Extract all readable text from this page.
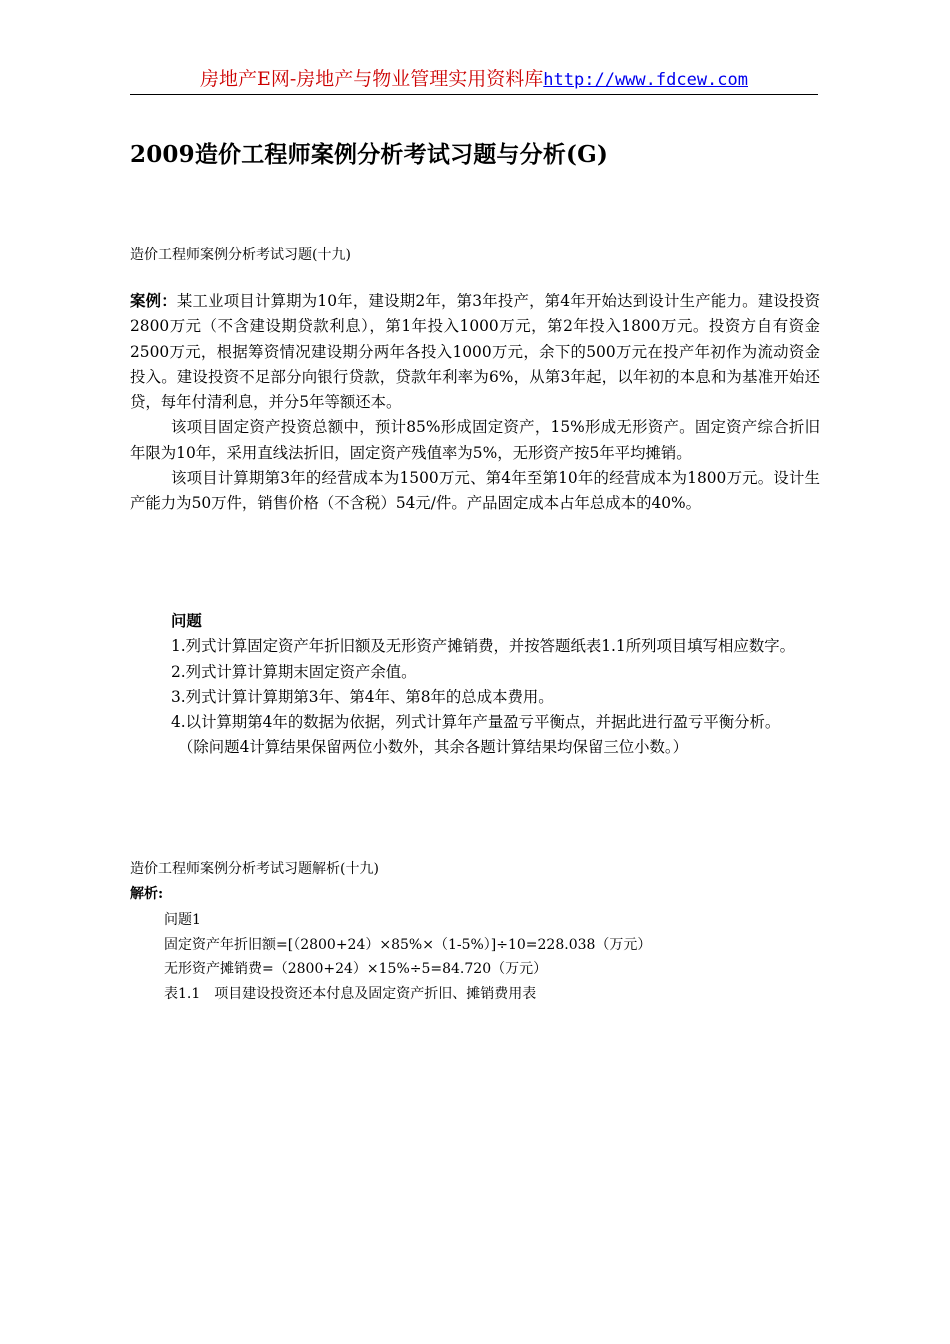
房地产E网-房地产与物业管理实用资料库http://www.fdcew.com
2009造价工程师案例分析考试习题与分析(G)
造价工程师案例分析考试习题(十九)

案例：某工业项目计算期为10年，建设期2年，第3年投产，第4年开始达到设计生产能力。建设投资2800万元（不含建设期贷款利息），第1年投入1000万元，第2年投入1800万元。投资方自有资金2500万元，根据筹资情况建设期分两年各投入1000万元，余下的500万元在投产年初作为流动资金投入。建设投资不足部分向银行贷款，贷款年利率为6%，从第3年起，以年初的本息和为基准开始还贷，每年付清利息，并分5年等额还本。

该项目固定资产投资总额中，预计85%形成固定资产，15%形成无形资产。固定资产综合折旧年限为10年，采用直线法折旧，固定资产残值率为5%，无形资产按5年平均摊销。

该项目计算期第3年的经营成本为1500万元、第4年至第10年的经营成本为1800万元。设计生产能力为50万件，销售价格（不含税）54元/件。产品固定成本占年总成本的40%。

问题

1.列式计算固定资产年折旧额及无形资产摊销费，并按答题纸表1.1所列项目填写相应数字。

2.列式计算计算期末固定资产余值。

3.列式计算计算期第3年、第4年、第8年的总成本费用。

4.以计算期第4年的数据为依据，列式计算年产量盈亏平衡点，并据此进行盈亏平衡分析。

（除问题4计算结果保留两位小数外，其余各题计算结果均保留三位小数。）

造价工程师案例分析考试习题解析(十九)
解析:

问题1

固定资产年折旧额=[（2800+24）×85%×（1-5%）]÷10=228.038（万元）

无形资产摊销费=（2800+24）×15%÷5=84.720（万元）

表1.1　项目建设投资还本付息及固定资产折旧、摊销费用表
